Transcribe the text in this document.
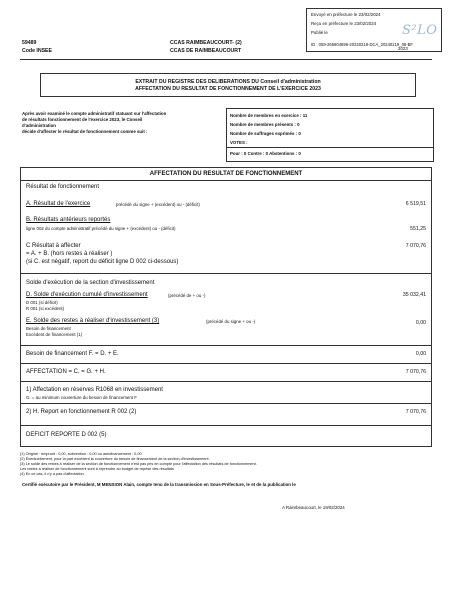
Envoyé en préfecture le 23/02/2024
Reçu en préfecture le 23/02/2024
Publié le	S²LO
ID : 059-265904896-20240219-DCA_20240219_06-BF
59489
Code INSEE
CCAS RAIMBEAUCOURT- (2)
CCAS DE RAIMBEAUCOURT	2023
EXTRAIT DU REGISTRE DES DELIBERATIONS DU Conseil d'administration
AFFECTATION DU RESULTAT DE FONCTIONNEMENT DE L'EXERCICE 2023
Après avoir examiné le compte administratif statuant sur l'affectation
de résultats fonctionnement de l'exercice 2023, le Conseil
d'administration
décide d'affecter le résultat de fonctionnement comme suit :
Nombre de membres en exercice : 11
Nombre de membres présents : 0
Nombre de suffrages exprimés : 0
VOTES :
Pour : 0 Contre : 0 Abstentions : 0
AFFECTATION DU RESULTAT DE FONCTIONNEMENT
Résultat de fonctionnement
A. Résultat de l'exercice	précédé du signe + (excédent) ou - (déficit)	6 519,51
B. Résultats antérieurs reportés
ligne 002 du compte administratif précédé du signe + (excédent) ou - (déficit)	551,25
C Résultat à affecter
= A. + B. (hors restes à réaliser )
(si C. est négatif, report du déficit ligne D 002 ci-dessous)
7 070,76
Solde d'exécution de la section d'investissement
D. Solde d'exécution cumulé d'investissement	(précédé de + ou -)
D 001 (si déficit)
R 001 (si excédent)
35 032,41
E. Solde des restes à réaliser d'investissement (3)	(précédé du signe + ou -)
Besoin de financement
Excédent de financement (1)
0,00
Besoin de financement F. = D. + E.	0,00
AFFECTATION = C. = G. + H.	7 070,76
1) Affectation en réserves R1068 en investissement
G. = au minimum couverture du besoin de financement F
2) H. Report en fonctionnement R 002 (2)	7 070,76
DEFICIT REPORTE D 002 (5)
(1) Origine : emprunt : 0,00, subvention : 0,00 ou autofinancement : 0,00
(2) Éventuellement, pour la part excédent la couverture du besoin de financement de la section d'investissement.
(3) Le solde des restes à réaliser de la section de fonctionnement n'est pas pris en compte pour l'affectation des résultats de fonctionnement.
Les restes à réaliser de fonctionnement sont à reprendre au budget de reprise des résultats
(4) En ce cas, il n'y a pas d'affectation.
Certifié exécutoire par le Président, M MENSION Alain, compte tenu de la transmission en Sous-Préfecture, le et de la publication le
A Raimbeaucourt, le 19/02/2024
